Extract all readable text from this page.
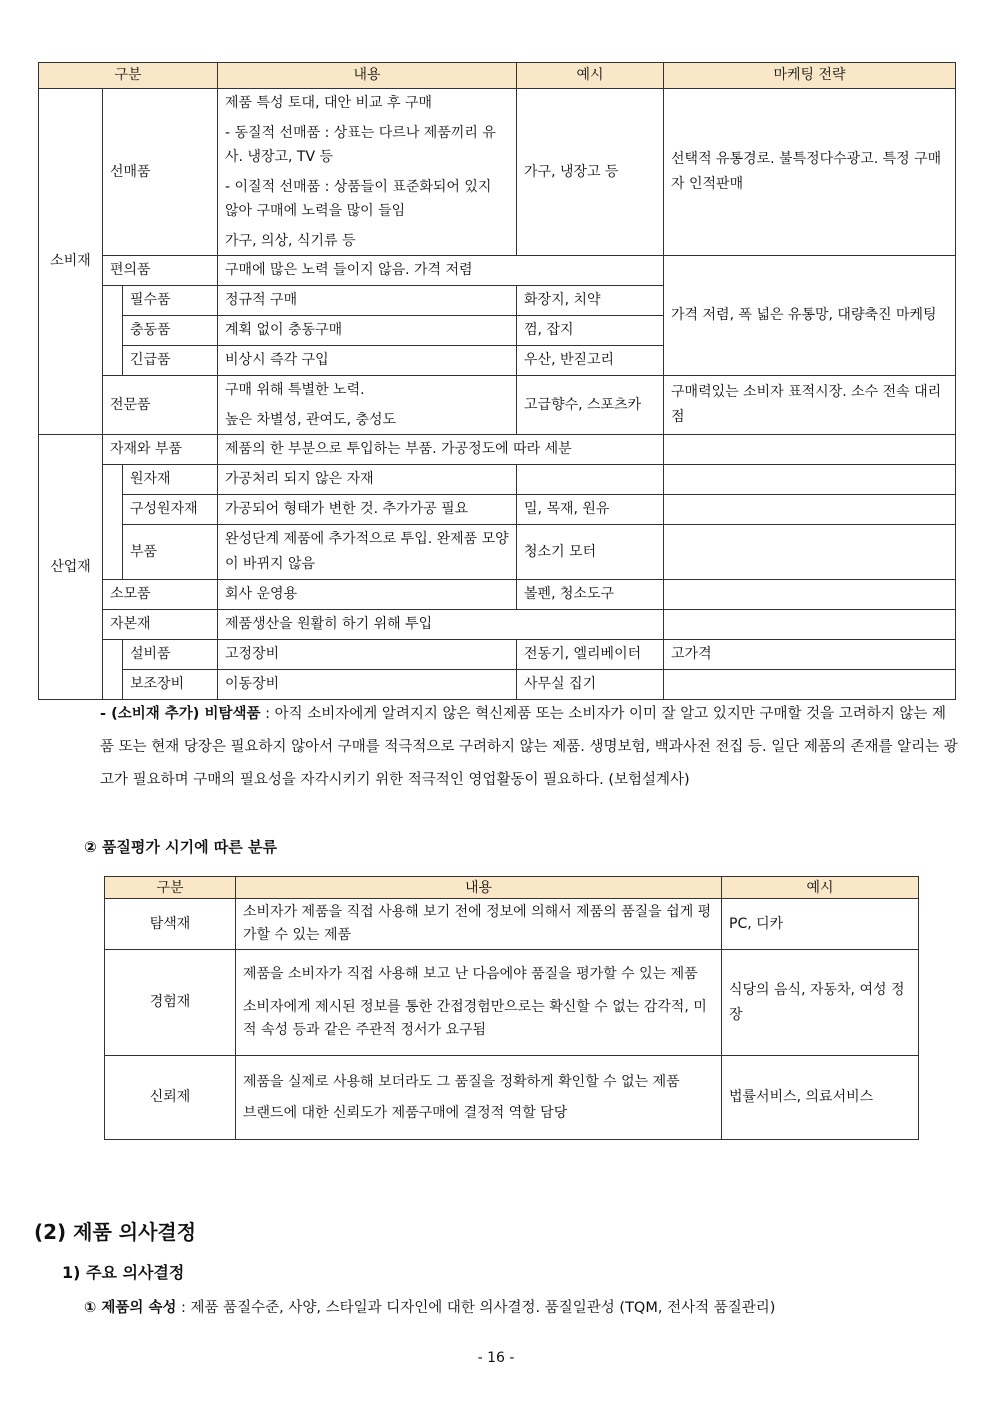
구분			내용	예시	마케팅 전략
소비재	선매품		제품 특성 토대, 대안 비교 후 구매

- 동질적 선매품 : 상표는 다르나 제품끼리 유사. 냉장고, TV 등

- 이질적 선매품 : 상품들이 표준화되어 있지 않아 구매에 노력을 많이 들임

가구, 의상, 식기류 등	가구, 냉장고 등	선택적 유통경로. 불특정다수광고. 특정 구매자 인적판매
	편의품		구매에 많은 노력 들이지 않음. 가격 저렴		가격 저렴, 폭 넓은 유통망, 대량축진 마케팅
		필수품	정규적 구매	화장지, 치약	
		충동품	계획 없이 충동구매	껌, 잡지	
		긴급품	비상시 즉각 구입	우산, 반짇고리	
	전문품		구매 위해 특별한 노력.

높은 차별성, 관여도, 충성도	고급향수, 스포츠카	구매력있는 소비자 표적시장. 소수 전속 대리점
산업재	자재와 부품		제품의 한 부분으로 투입하는 부품. 가공정도에 따라 세분		
		원자재	가공처리 되지 않은 자재		
		구성원자재	가공되어 형태가 변한 것. 추가가공 필요	밀, 목재, 원유	
		부품	완성단계 제품에 추가적으로 투입. 완제품 모양이 바뀌지 않음	청소기 모터	
	소모품		회사 운영용	볼펜, 청소도구	
	자본재		제품생산을 원활히 하기 위해 투입		
		설비품	고정장비	전동기, 엘리베이터	고가격
		보조장비	이동장비	사무실 집기	
- (소비재 추가) 비탐색품 : 아직 소비자에게 알려지지 않은 혁신제품 또는 소비자가 이미 잘 알고 있지만 구매할 것을 고려하지 않는 제품 또는 현재 당장은 필요하지 않아서 구매를 적극적으로 구려하지 않는 제품. 생명보험, 백과사전 전집 등. 일단 제품의 존재를 알리는 광고가 필요하며 구매의 필요성을 자각시키기 위한 적극적인 영업활동이 필요하다. (보험설계사)
② 품질평가 시기에 따른 분류
구분	내용	예시
탐색재	소비자가 제품을 직접 사용해 보기 전에 정보에 의해서 제품의 품질을 쉽게 평가할 수 있는 제품	PC, 디카
경험재	제품을 소비자가 직접 사용해 보고 난 다음에야 품질을 평가할 수 있는 제품

소비자에게 제시된 정보를 통한 간접경험만으로는 확신할 수 없는 감각적, 미적 속성 등과 같은 주관적 정서가 요구됨	식당의 음식, 자동차, 여성 정장
신뢰제	제품을 실제로 사용해 보더라도 그 품질을 정확하게 확인할 수 없는 제품

브랜드에 대한 신뢰도가 제품구매에 결정적 역할 담당	법률서비스, 의료서비스
(2) 제품 의사결정
1) 주요 의사결정

① 제품의 속성 : 제품 품질수준, 사양, 스타일과 디자인에 대한 의사결정. 품질일관성 (TQM, 전사적 품질관리)

- 16 -
